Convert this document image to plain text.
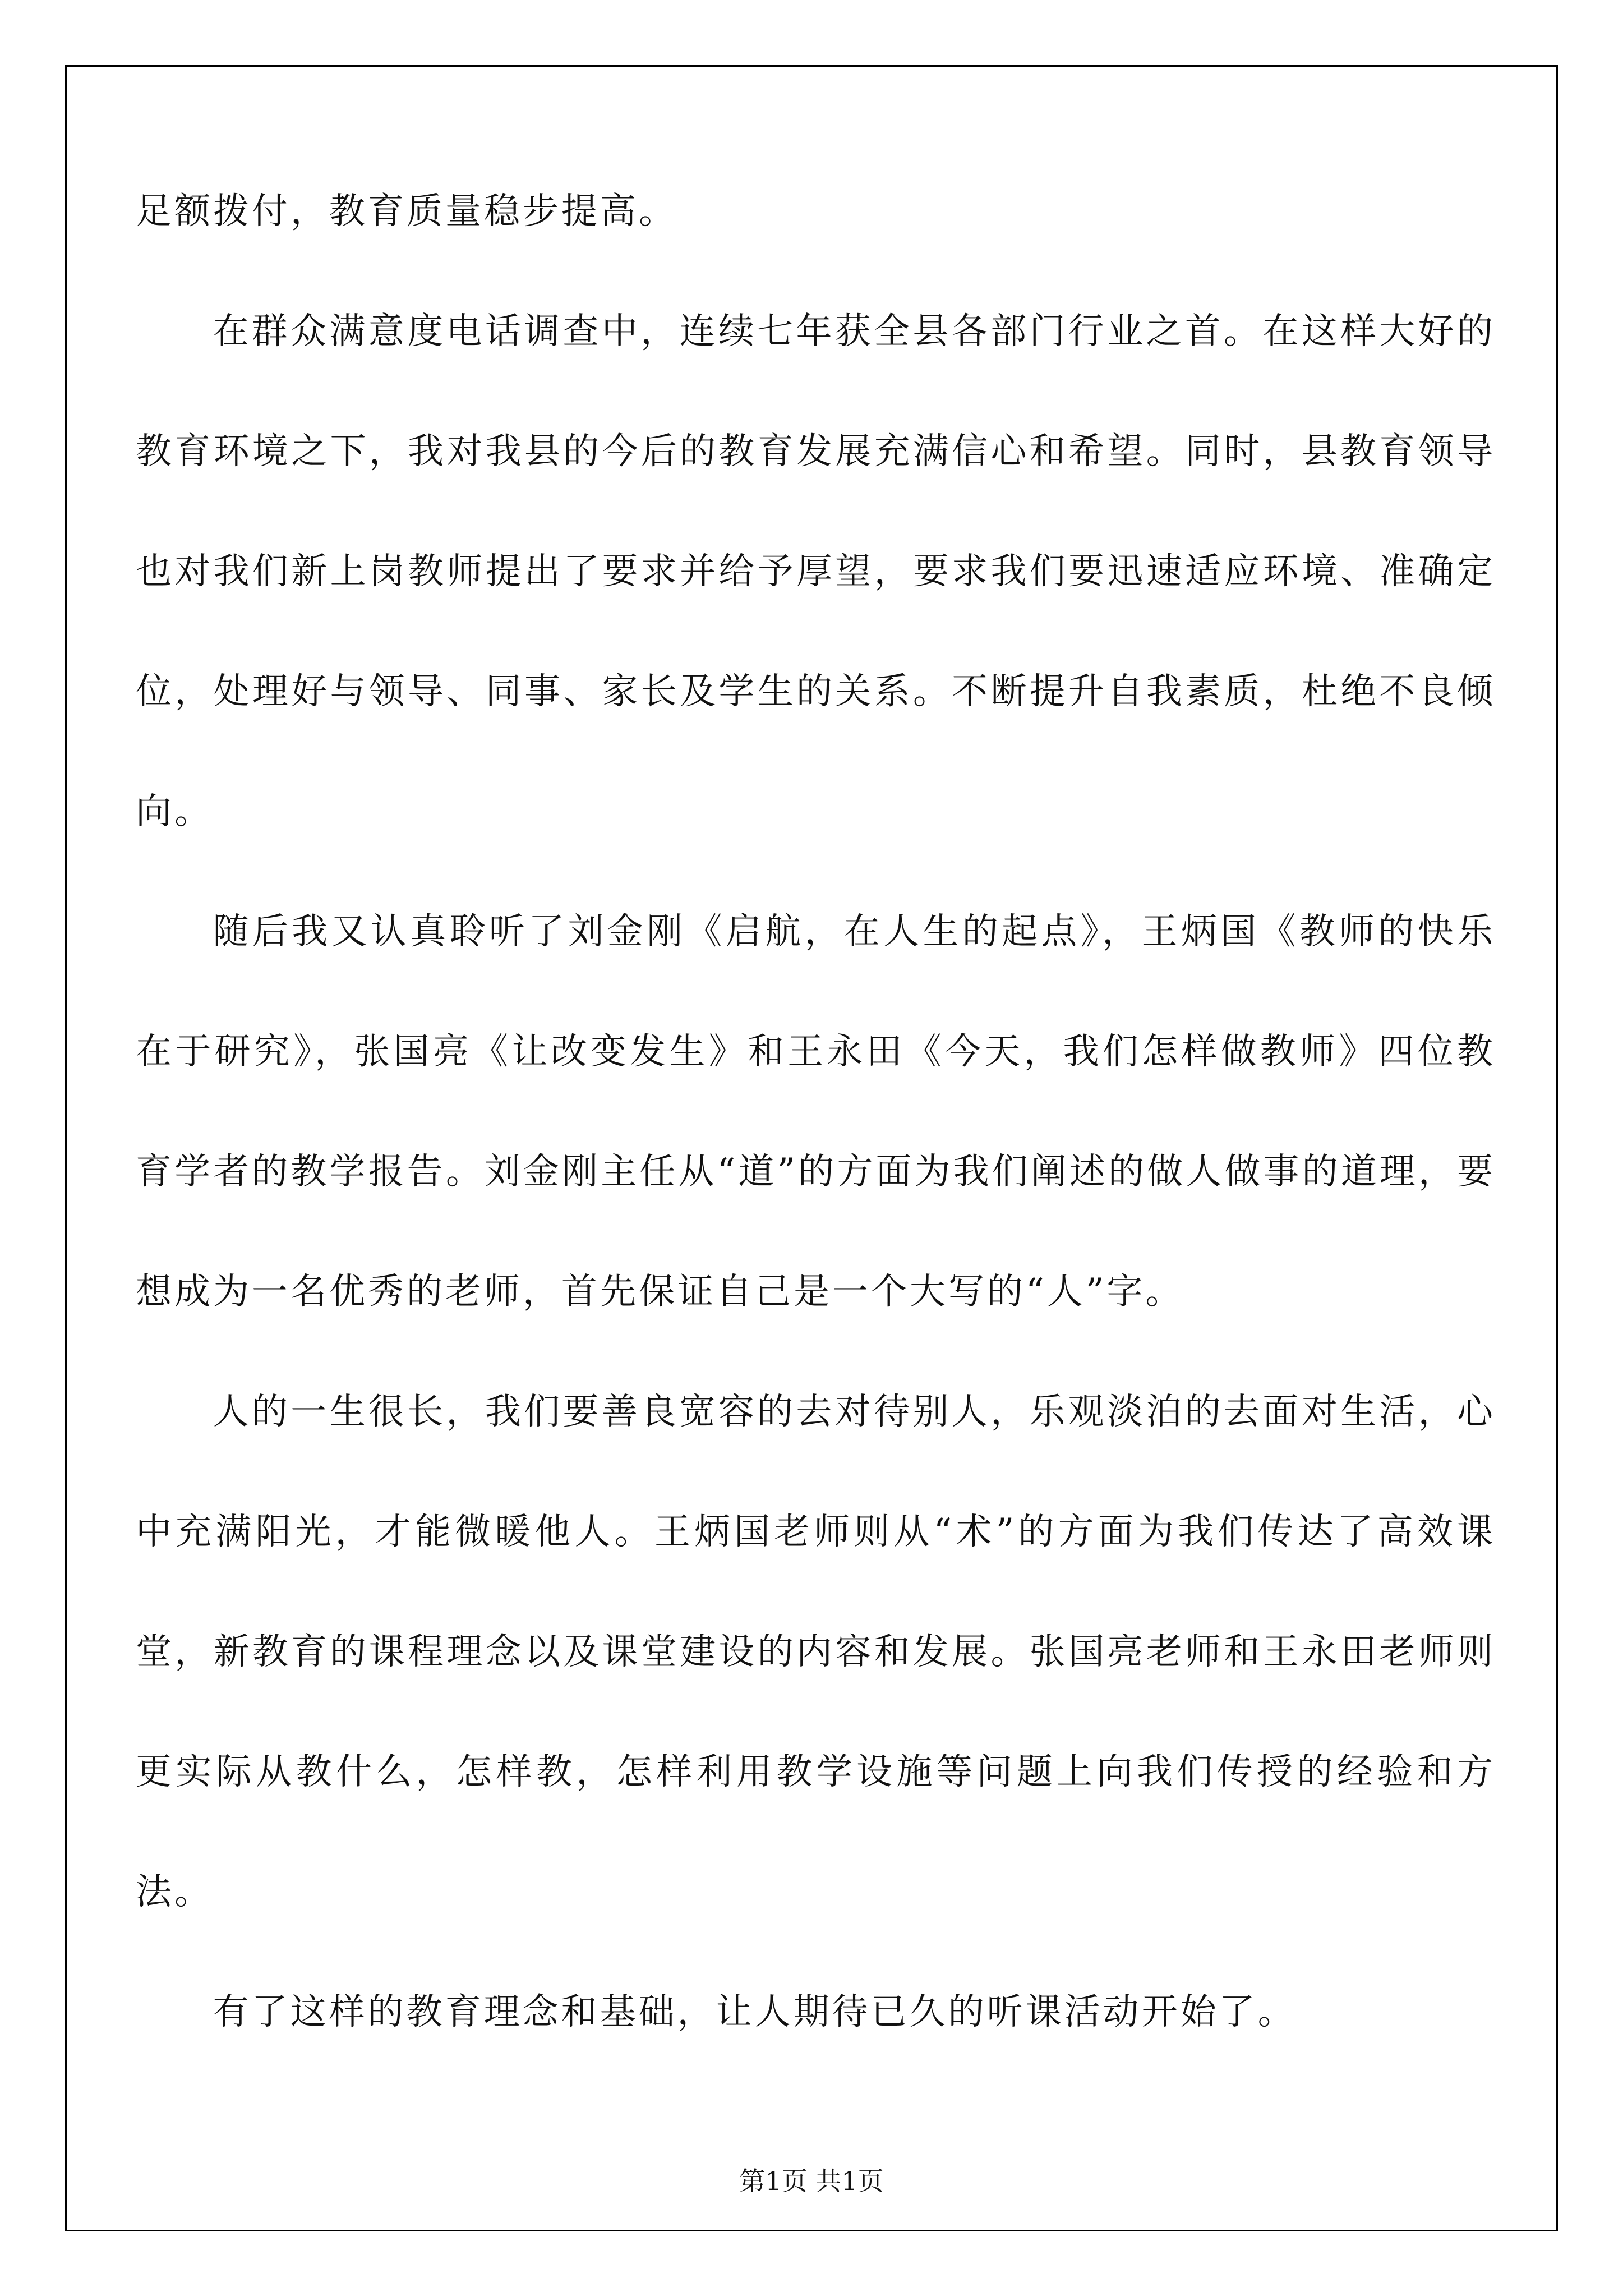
足额拨付，教育质量稳步提高。

在群众满意度电话调查中，连续七年获全县各部门行业之首。在这样大好的教育环境之下，我对我县的今后的教育发展充满信心和希望。同时，县教育领导也对我们新上岗教师提出了要求并给予厚望，要求我们要迅速适应环境、准确定位，处理好与领导、同事、家长及学生的关系。不断提升自我素质，杜绝不良倾向。

随后我又认真聆听了刘金刚《启航，在人生的起点》，王炳国《教师的快乐在于研究》，张国亮《让改变发生》和王永田《今天，我们怎样做教师》四位教育学者的教学报告。刘金刚主任从“道”的方面为我们阐述的做人做事的道理，要想成为一名优秀的老师，首先保证自己是一个大写的“人”字。

人的一生很长，我们要善良宽容的去对待别人，乐观淡泊的去面对生活，心中充满阳光，才能微暖他人。王炳国老师则从“术”的方面为我们传达了高效课堂，新教育的课程理念以及课堂建设的内容和发展。张国亮老师和王永田老师则更实际从教什么，怎样教，怎样利用教学设施等问题上向我们传授的经验和方法。

有了这样的教育理念和基础，让人期待已久的听课活动开始了。

第1页 共1页
